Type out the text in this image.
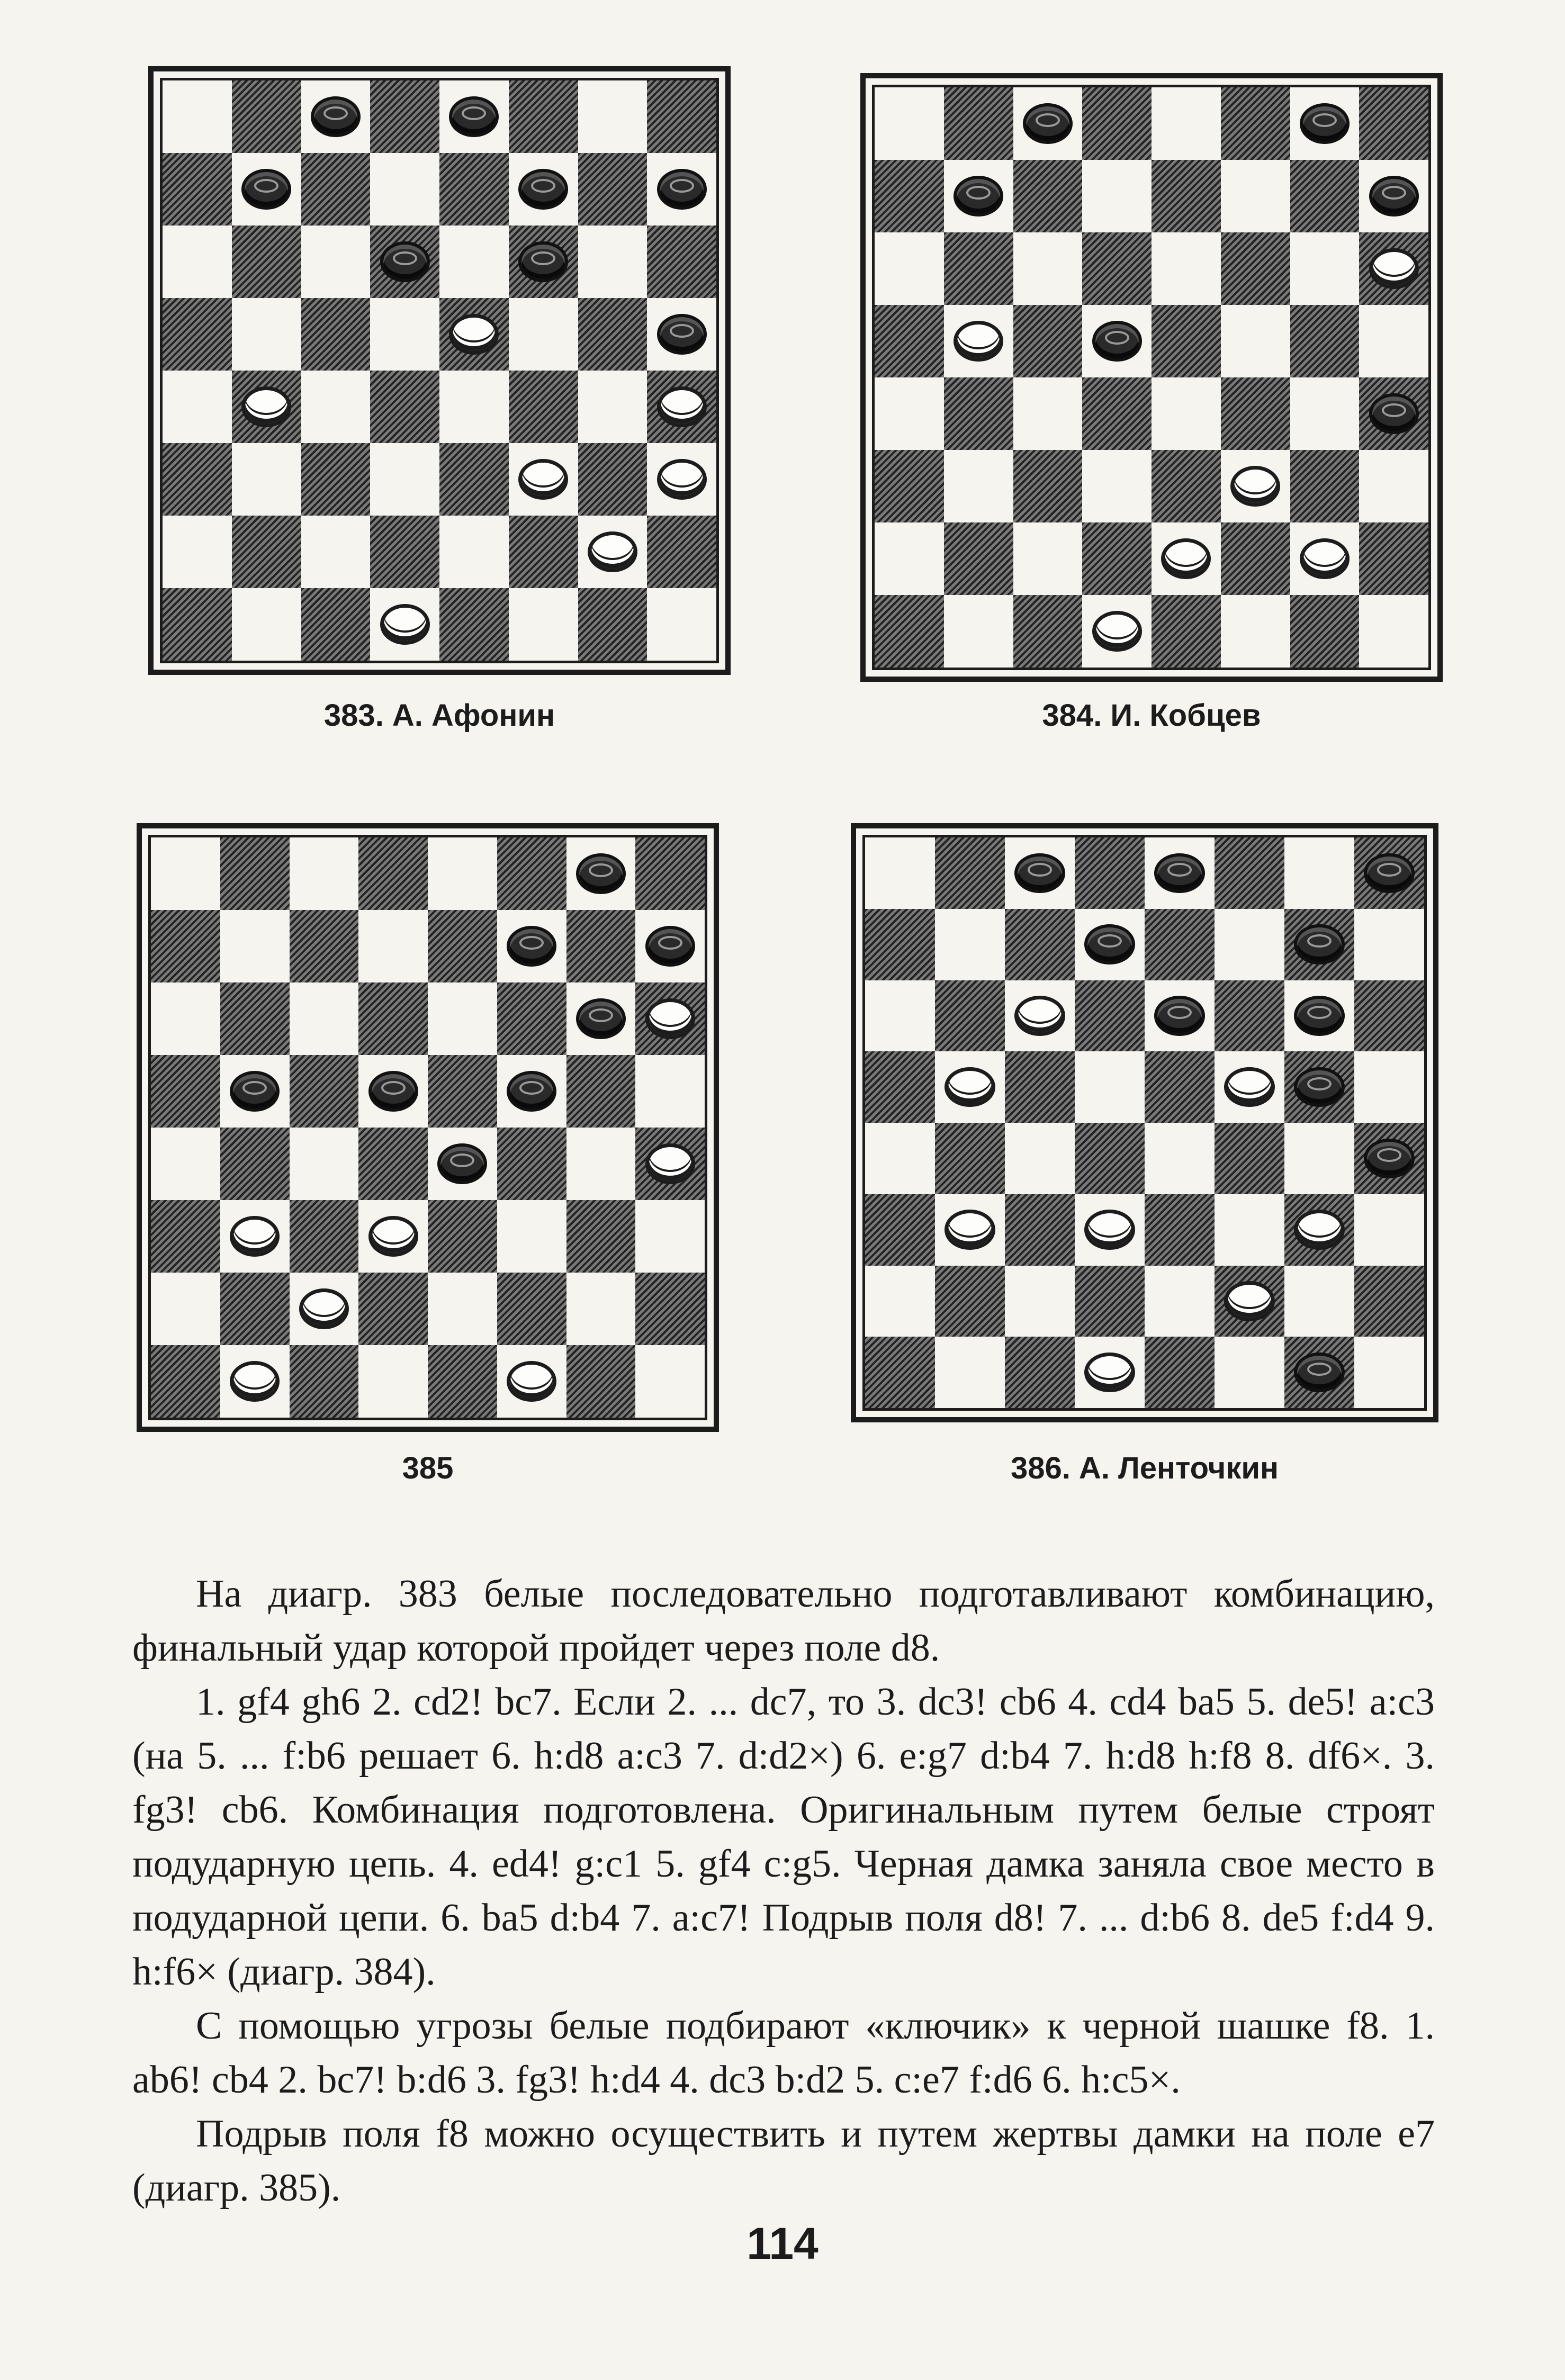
383. А. Афонин	384. И. Кобцев
385	386. А. Ленточкин

На диагр. 383 белые последовательно подготавливают комбинацию, финальный удар которой пройдет через поле d8.

1. gf4 gh6 2. cd2! bc7. Если 2. ... dc7, то 3. dc3! cb6 4. cd4 ba5 5. de5! a:c3 (на 5. ... f:b6 решает 6. h:d8 a:c3 7. d:d2×) 6. e:g7 d:b4 7. h:d8 h:f8 8. df6×. 3. fg3! cb6. Комбинация подготовлена. Оригинальным путем белые строят подударную цепь. 4. ed4! g:c1 5. gf4 c:g5. Черная дамка заняла свое место в подударной цепи. 6. ba5 d:b4 7. a:c7! Подрыв поля d8! 7. ... d:b6 8. de5 f:d4 9. h:f6× (диагр. 384).

С помощью угрозы белые подбирают «ключик» к черной шашке f8. 1. ab6! cb4 2. bc7! b:d6 3. fg3! h:d4 4. dc3 b:d2 5. c:e7 f:d6 6. h:c5×.

Подрыв поля f8 можно осуществить и путем жертвы дамки на поле e7 (диагр. 385).

114
